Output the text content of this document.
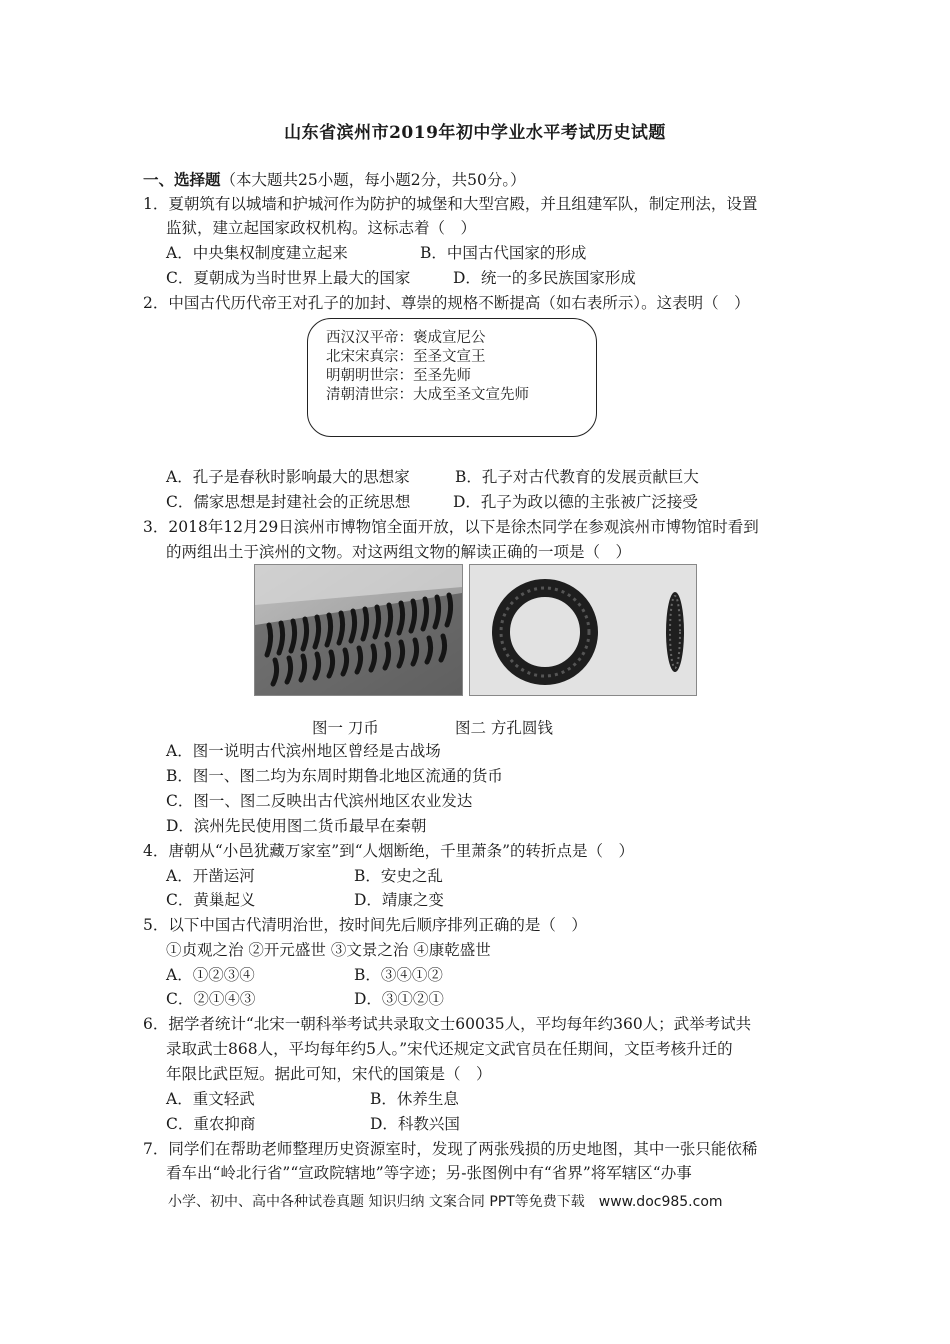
山东省滨州市2019年初中学业水平考试历史试题
一、选择题（本大题共25小题，每小题2分，共50分。）
1．夏朝筑有以城墙和护城河作为防护的城堡和大型宫殿，并且组建军队，制定刑法，设置
监狱，建立起国家政权机构。这标志着（　）
A．中央集权制度建立起来	B．中国古代国家的形成
C．夏朝成为当时世界上最大的国家	D．统一的多民族国家形成
2．中国古代历代帝王对孔子的加封、尊崇的规格不断提高（如右表所示）。这表明（　）
西汉汉平帝：褒成宣尼公
北宋宋真宗：至圣文宣王
明朝明世宗：至圣先师
清朝清世宗：大成至圣文宣先师
A．孔子是春秋时影响最大的思想家	B．孔子对古代教育的发展贡献巨大
C．儒家思想是封建社会的正统思想	D．孔子为政以德的主张被广泛接受
3．2018年12月29日滨州市博物馆全面开放，以下是徐杰同学在参观滨州市博物馆时看到
的两组出土于滨州的文物。对这两组文物的解读正确的一项是（　）
图一 刀币	图二 方孔圆钱
A．图一说明古代滨州地区曾经是古战场
B．图一、图二均为东周时期鲁北地区流通的货币
C．图一、图二反映出古代滨州地区农业发达
D．滨州先民使用图二货币最早在秦朝
4．唐朝从“小邑犹藏万家室”到“人烟断绝，千里萧条”的转折点是（　）
A．开凿运河	B．安史之乱
C．黄巢起义	D．靖康之变
5．以下中国古代清明治世，按时间先后顺序排列正确的是（　）
①贞观之治 ②开元盛世 ③文景之治 ④康乾盛世
A．①②③④	B．③④①②
C．②①④③	D．③①②①
6．据学者统计“北宋一朝科举考试共录取文士60035人，平均每年约360人；武举考试共
录取武士868人，平均每年约5人。”宋代还规定文武官员在任期间，文臣考核升迁的
年限比武臣短。据此可知，宋代的国策是（　）
A．重文轻武	B．休养生息
C．重农抑商	D．科教兴国
7．同学们在帮助老师整理历史资源室时，发现了两张残损的历史地图，其中一张只能依稀
看车出“岭北行省”“宣政院辖地”等字迹；另-张图例中有“省界”将军辖区“办事
小学、初中、高中各种试卷真题 知识归纳 文案合同 PPT等免费下载　www.doc985.com
